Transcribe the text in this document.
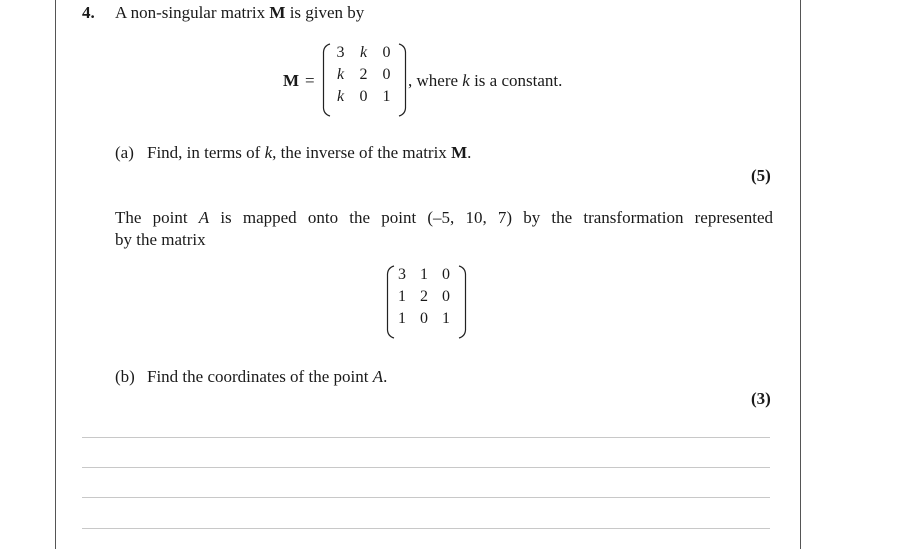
4. A non-singular matrix M is given by
M =
3 k 0
k 2 0
k 0 1
, where k is a constant.
(a) Find, in terms of k, the inverse of the matrix M.
(5)
The point A is mapped onto the point (–5, 10, 7) by the transformation represented
by the matrix
3 1 0
1 2 0
1 0 1
(b) Find the coordinates of the point A.
(3)
